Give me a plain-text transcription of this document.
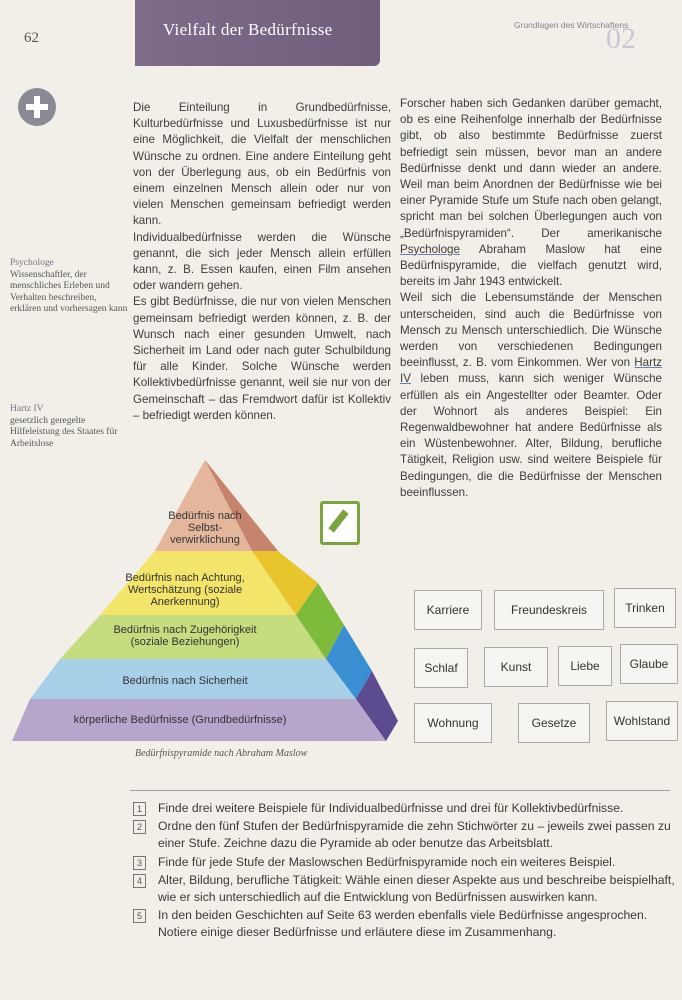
62	Vielfalt der Bedürfnisse	Grundlagen des Wirtschaftens
02

Die Einteilung in Grundbedürfnisse, Kulturbedürfnisse und Luxusbedürfnisse ist nur eine Möglichkeit, die Vielfalt der menschlichen Wünsche zu ordnen. Eine andere Einteilung geht von der Überlegung aus, ob ein Bedürfnis von einem einzelnen Mensch allein oder nur von vielen Menschen gemeinsam befriedigt werden kann.

Individualbedürfnisse werden die Wünsche genannt, die sich jeder Mensch allein erfüllen kann, z. B. Essen kaufen, einen Film ansehen oder wandern gehen.

Es gibt Bedürfnisse, die nur von vielen Menschen gemeinsam befriedigt werden können, z. B. der Wunsch nach einer gesunden Umwelt, nach Sicherheit im Land oder nach guter Schulbildung für alle Kinder. Solche Wünsche werden Kollektivbedürfnisse genannt, weil sie nur von der Gemeinschaft – das Fremdwort dafür ist Kollektiv – befriedigt werden können.

Forscher haben sich Gedanken darüber gemacht, ob es eine Reihenfolge innerhalb der Bedürfnisse gibt, ob also bestimmte Bedürfnisse zuerst befriedigt sein müssen, bevor man an andere Bedürfnisse denkt und dann wieder an andere. Weil man beim Anordnen der Bedürfnisse wie bei einer Pyramide Stufe um Stufe nach oben gelangt, spricht man bei solchen Überlegungen auch von „Bedürfnispyramiden“. Der amerikanische Psychologe Abraham Maslow hat eine Bedürfnispyramide, die vielfach genutzt wird, bereits im Jahr 1943 entwickelt.

Weil sich die Lebensumstände der Menschen unterscheiden, sind auch die Bedürfnisse von Mensch zu Mensch unterschiedlich. Die Wünsche werden von verschiedenen Bedingungen beeinflusst, z. B. vom Einkommen. Wer von Hartz IV leben muss, kann sich weniger Wünsche erfüllen als ein Angestellter oder Beamter. Oder der Wohnort als anderes Beispiel: Ein Regenwaldbewohner hat andere Bedürfnisse als ein Wüstenbewohner. Alter, Bildung, berufliche Tätigkeit, Religion usw. sind weitere Beispiele für Bedingungen, die die Bedürfnisse der Menschen beeinflussen.

Psychologe
Wissenschaftler, der menschliches Erleben und Verhalten beschreiben, erklären und vorhersagen kann
Hartz IV
gesetzlich geregelte Hilfeleistung des Staates für Arbeitslose
Bedürfnis nach Selbst-verwirklichung
Bedürfnis nach Achtung, Wertschätzung (soziale Anerkennung)
Bedürfnis nach Zugehörigkeit (soziale Beziehungen)
Bedürfnis nach Sicherheit
körperliche Bedürfnisse (Grundbedürfnisse)
Bedürfnispyramide nach Abraham Maslow
Karriere	Freundeskreis	Trinken
Schlaf	Kunst	Liebe	Glaube
Wohnung	Gesetze	Wohlstand
1	Finde drei weitere Beispiele für Individualbedürfnisse und drei für Kollektivbedürfnisse.
2	Ordne den fünf Stufen der Bedürfnispyramide die zehn Stichwörter zu – jeweils zwei passen zu einer Stufe. Zeichne dazu die Pyramide ab oder benutze das Arbeitsblatt.
3	Finde für jede Stufe der Maslowschen Bedürfnispyramide noch ein weiteres Beispiel.
4	Alter, Bildung, berufliche Tätigkeit: Wähle einen dieser Aspekte aus und beschreibe beispielhaft, wie er sich unterschiedlich auf die Entwicklung von Bedürfnissen auswirken kann.
5	In den beiden Geschichten auf Seite 63 werden ebenfalls viele Bedürfnisse angesprochen. Notiere einige dieser Bedürfnisse und erläutere diese im Zusammenhang.
